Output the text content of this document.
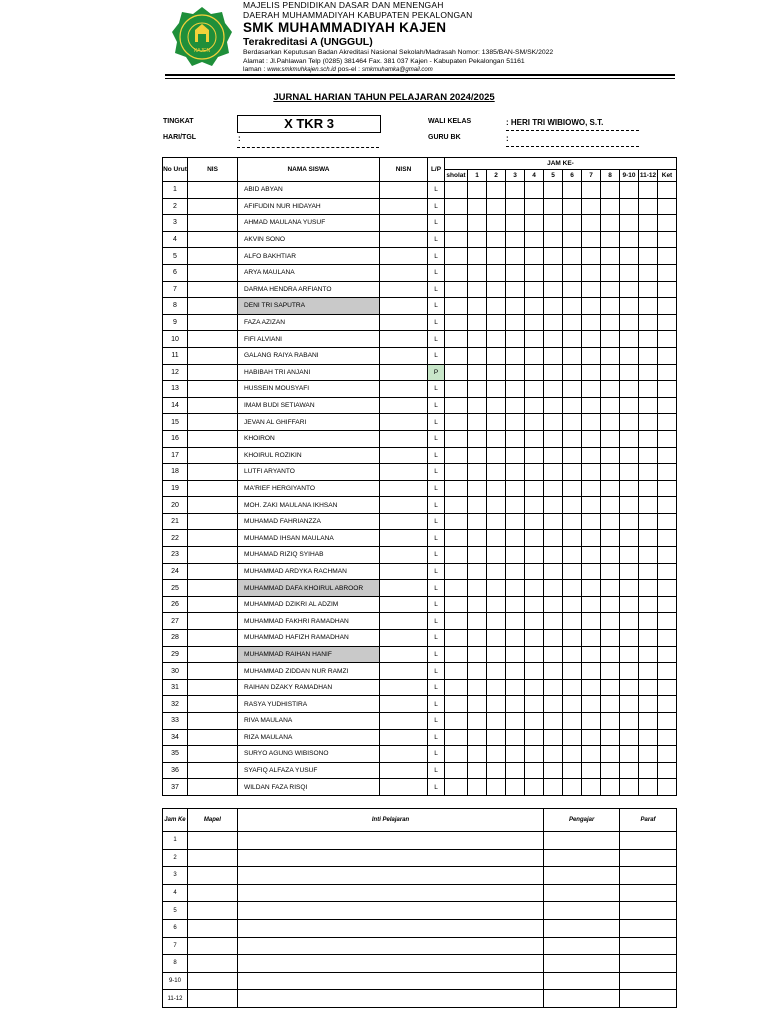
KAJEN
MAJELIS PENDIDIKAN DASAR DAN MENENGAH
DAERAH MUHAMMADIYAH KABUPATEN PEKALONGAN
SMK MUHAMMADIYAH KAJEN
Terakreditasi A (UNGGUL)
Berdasarkan Keputusan Badan Akreditasi Nasional Sekolah/Madrasah Nomor: 1385/BAN-SM/SK/2022
Alamat : Jl.Pahlawan Telp (0285) 381464 Fax. 381 037 Kajen - Kabupaten Pekalongan 51161
laman : www.smkmuhkajen.sch.id pos-el : smkmuhamka@gmail.com
JURNAL HARIAN TAHUN PELAJARAN 2024/2025
TINGKAT	X TKR 3
HARI/TGL	:
WALI KELAS	: HERI TRI WIBIOWO, S.T.
GURU BK	:
No Urut	NIS	NAMA SISWA	NISN	L/P	JAM KE-											
					sholat	1	2	3	4	5	6	7	8	9-10	11-12	Ket
1		ABID ABYAN		L												
2		AFIFUDIN NUR HIDAYAH		L												
3		AHMAD MAULANA YUSUF		L												
4		AKVIN SONO		L												
5		ALFO BAKHTIAR		L												
6		ARYA MAULANA		L												
7		DARMA HENDRA ARFIANTO		L												
8		DENI TRI SAPUTRA		L												
9		FAZA AZIZAN		L												
10		FIFI ALVIANI		L												
11		GALANG RAIYA RABANI		L												
12		HABIBAH TRI ANJANI		P												
13		HUSSEIN MOUSYAFI		L												
14		IMAM BUDI SETIAWAN		L												
15		JEVAN AL GHIFFARI		L												
16		KHOIRON		L												
17		KHOIRUL ROZIKIN		L												
18		LUTFI ARYANTO		L												
19		MA'RIEF HERGIYANTO		L												
20		MOH. ZAKI MAULANA IKHSAN		L												
21		MUHAMAD FAHRIANZZA		L												
22		MUHAMAD IHSAN MAULANA		L												
23		MUHAMAD RIZIQ SYIHAB		L												
24		MUHAMMAD ARDYKA RACHMAN		L												
25		MUHAMMAD DAFA KHOIRUL ABROOR		L												
26		MUHAMMAD DZIKRI AL ADZIM		L												
27		MUHAMMAD FAKHRI RAMADHAN		L												
28		MUHAMMAD HAFIZH RAMADHAN		L												
29		MUHAMMAD RAIHAN HANIF		L												
30		MUHAMMAD ZIDDAN NUR RAMZI		L												
31		RAIHAN DZAKY RAMADHAN		L												
32		RASYA YUDHISTIRA		L												
33		RIVA MAULANA		L												
34		RIZA MAULANA		L												
35		SURYO AGUNG WIBISONO		L												
36		SYAFIQ ALFAZA YUSUF		L												
37		WILDAN FAZA RISQI		L												
Jam Ke	Mapel	Inti Pelajaran	Pengajar	Paraf
1				
2				
3				
4				
5				
6				
7				
8				
9-10				
11-12				
